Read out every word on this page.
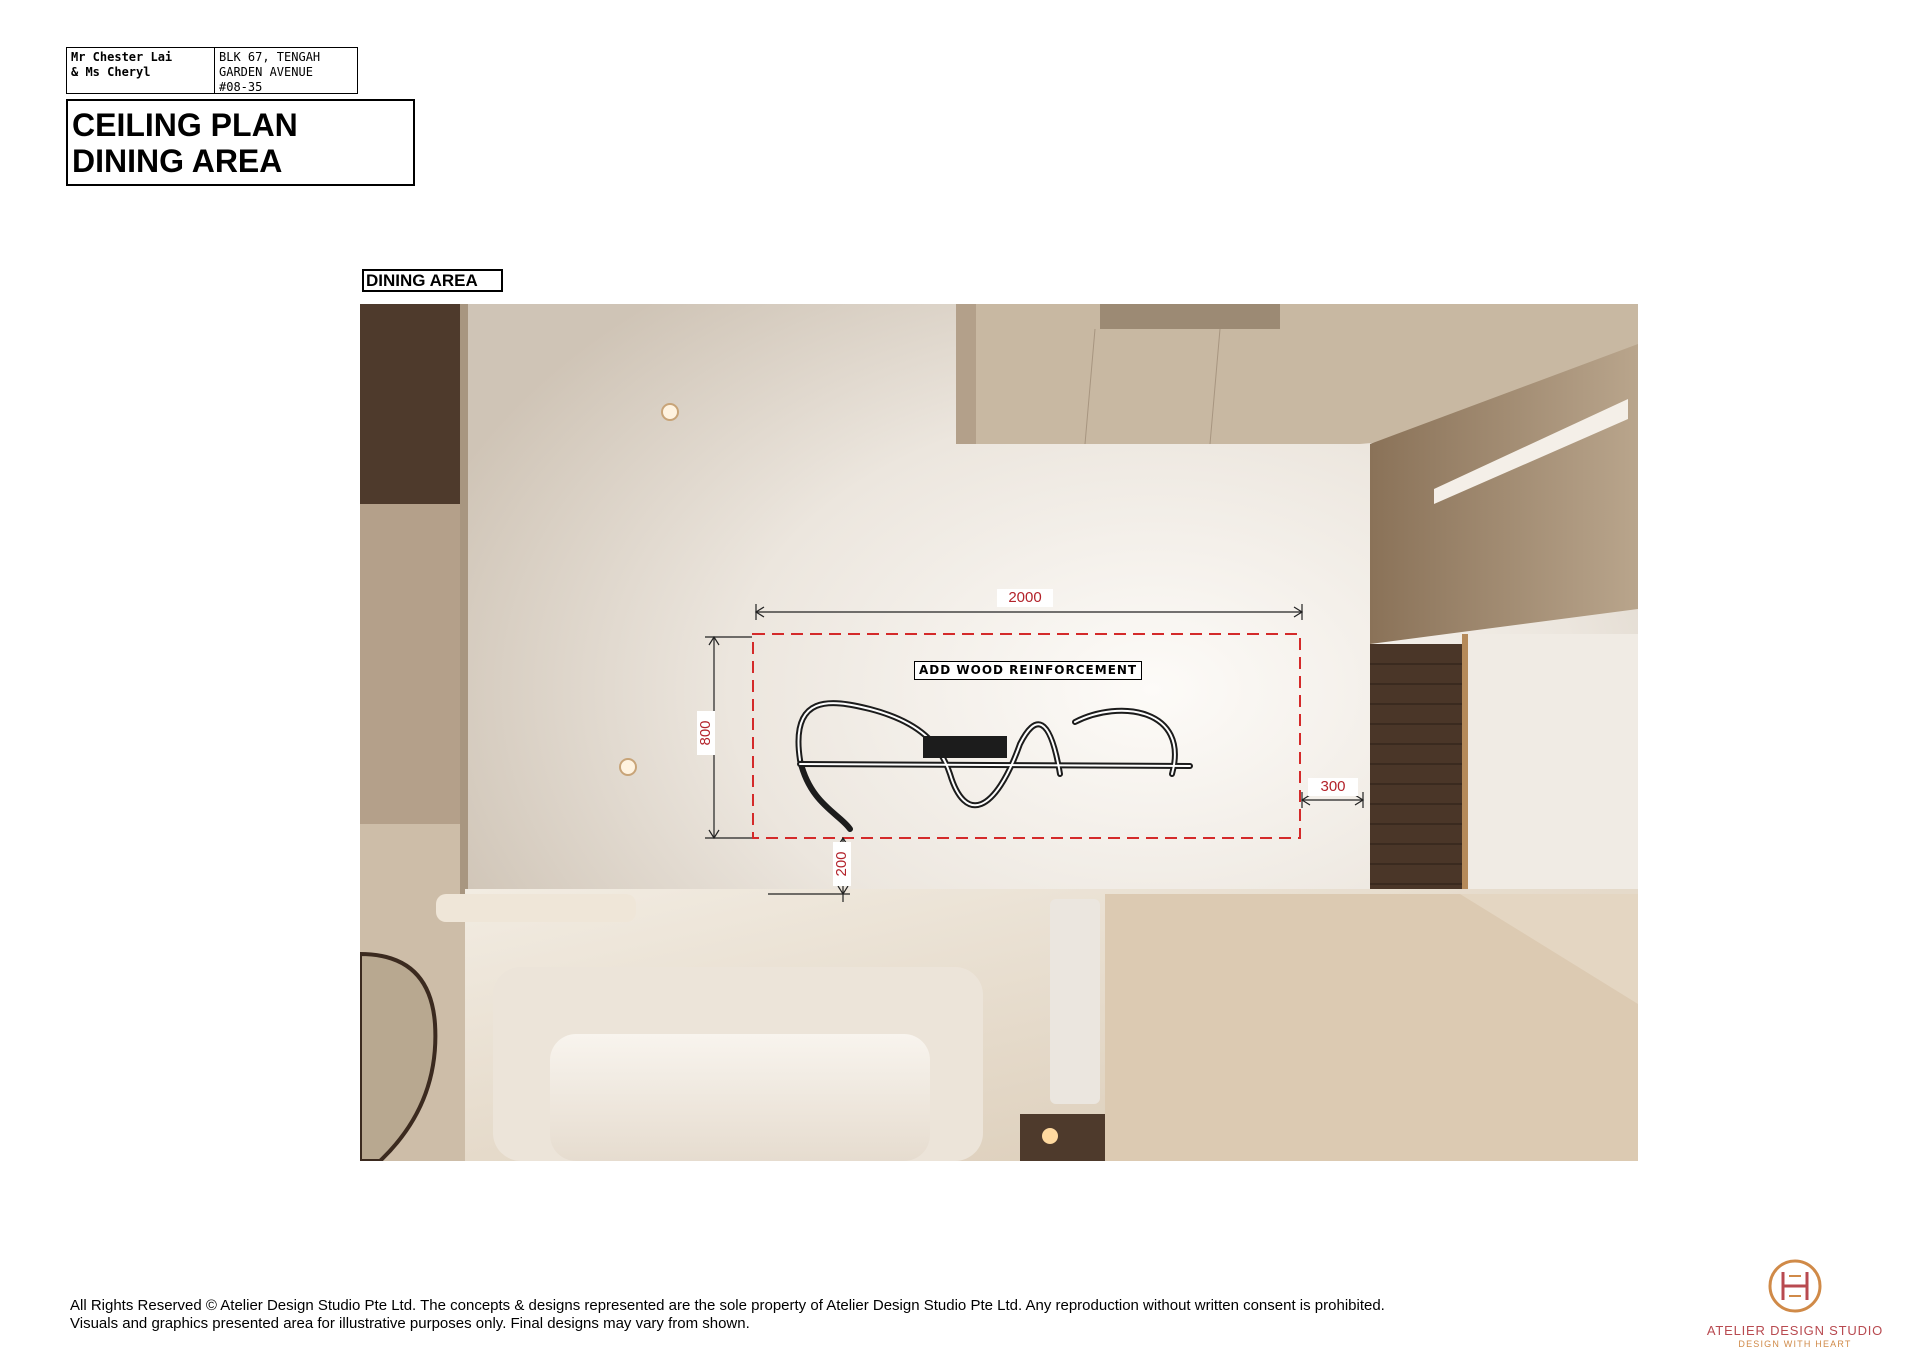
Mr Chester Lai
& Ms Cheryl
BLK 67, TENGAH
GARDEN AVENUE
#08-35
CEILING PLAN
DINING AREA
DINING AREA
2000
800
200
300
ADD WOOD REINFORCEMENT
All Rights Reserved © Atelier Design Studio Pte Ltd. The concepts & designs represented are the sole property of Atelier Design Studio Pte Ltd. Any reproduction without written consent is prohibited.
Visuals and graphics presented area for illustrative purposes only. Final designs may vary from shown.	ATELIER DESIGN STUDIO
DESIGN WITH HEART
